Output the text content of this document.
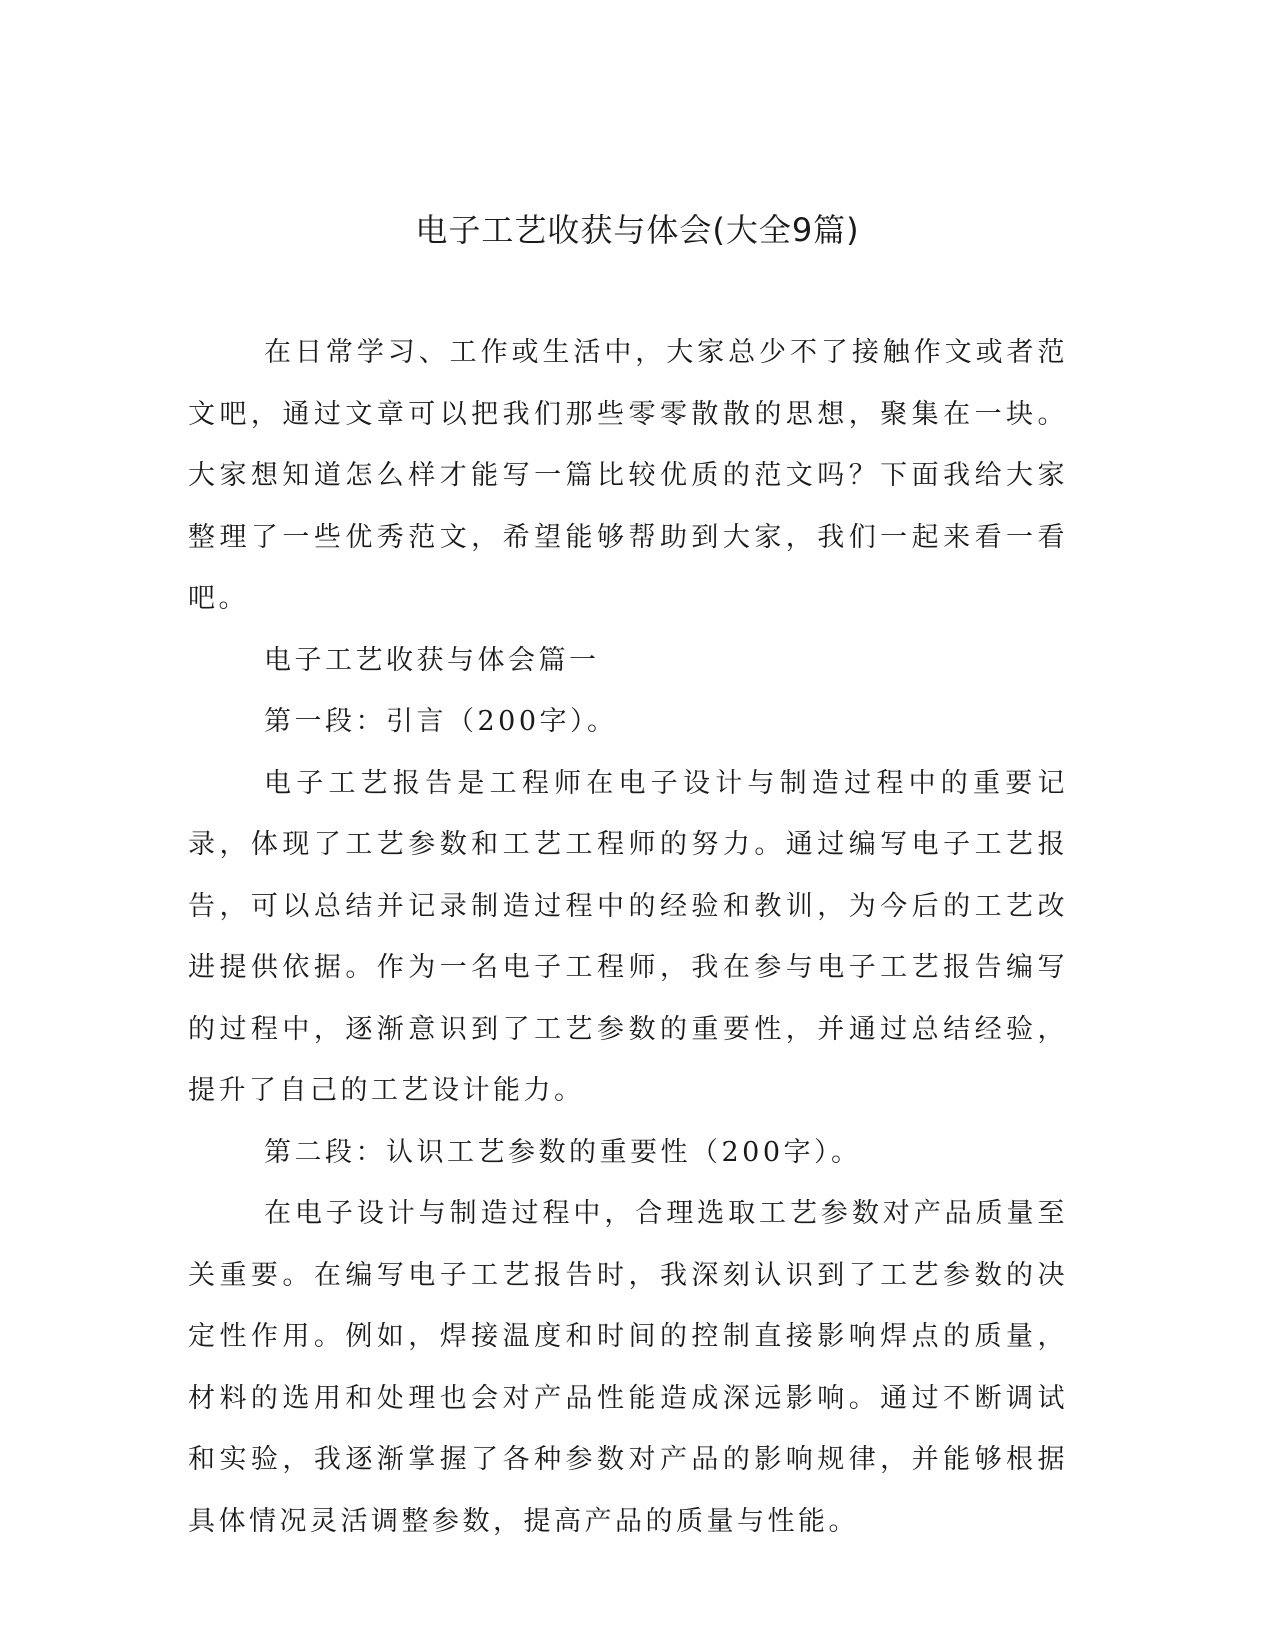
电子工艺收获与体会(大全9篇)

在日常学习、工作或生活中，大家总少不了接触作文或者范文吧，通过文章可以把我们那些零零散散的思想，聚集在一块。大家想知道怎么样才能写一篇比较优质的范文吗？下面我给大家整理了一些优秀范文，希望能够帮助到大家，我们一起来看一看吧。

电子工艺收获与体会篇一

第一段：引言（200字）。

电子工艺报告是工程师在电子设计与制造过程中的重要记录，体现了工艺参数和工艺工程师的努力。通过编写电子工艺报告，可以总结并记录制造过程中的经验和教训，为今后的工艺改进提供依据。作为一名电子工程师，我在参与电子工艺报告编写的过程中，逐渐意识到了工艺参数的重要性，并通过总结经验，提升了自己的工艺设计能力。

第二段：认识工艺参数的重要性（200字）。

在电子设计与制造过程中，合理选取工艺参数对产品质量至关重要。在编写电子工艺报告时，我深刻认识到了工艺参数的决定性作用。例如，焊接温度和时间的控制直接影响焊点的质量，材料的选用和处理也会对产品性能造成深远影响。通过不断调试和实验，我逐渐掌握了各种参数对产品的影响规律，并能够根据具体情况灵活调整参数，提高产品的质量与性能。
